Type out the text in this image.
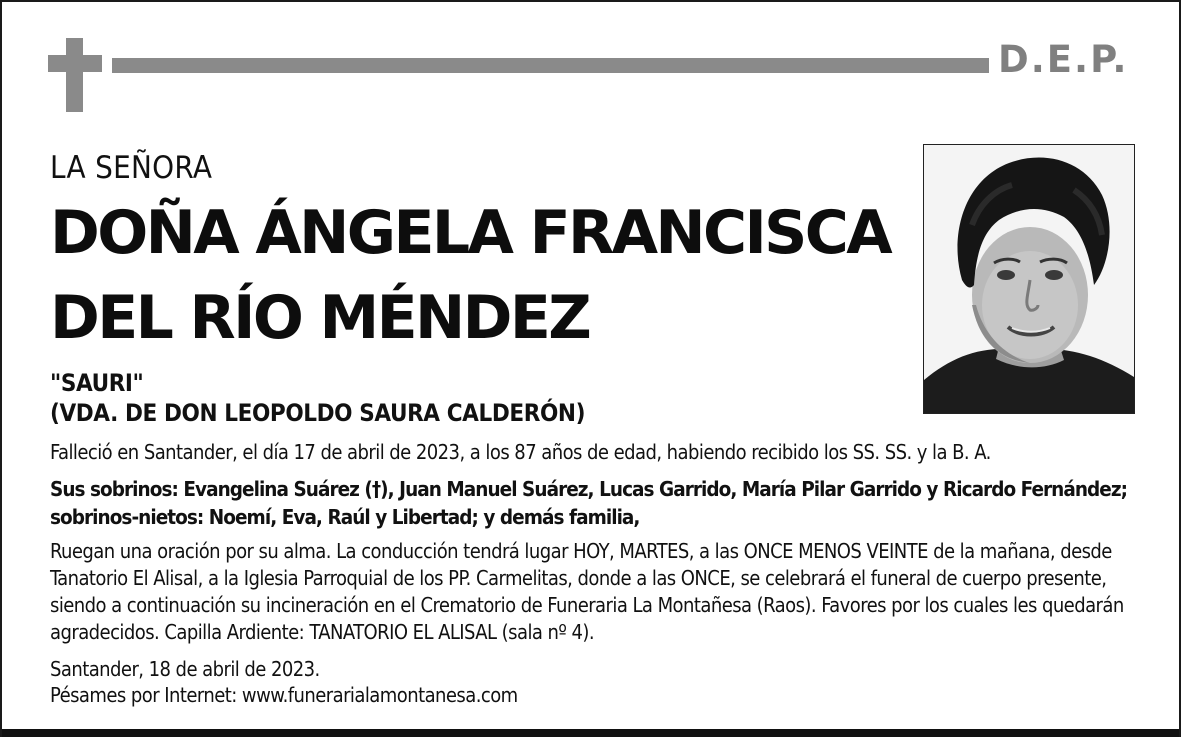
D.E.P.
LA SEÑORA
DOÑA ÁNGELA FRANCISCA
DEL RÍO MÉNDEZ
"SAURI"
(VDA. DE DON LEOPOLDO SAURA CALDERÓN)
Falleció en Santander, el día 17 de abril de 2023, a los 87 años de edad, habiendo recibido los SS. SS. y la B. A.
Sus sobrinos: Evangelina Suárez (†), Juan Manuel Suárez, Lucas Garrido, María Pilar Garrido y Ricardo Fernández; sobrinos-nietos: Noemí, Eva, Raúl y Libertad; y demás familia,
Ruegan una oración por su alma. La conducción tendrá lugar HOY, MARTES, a las ONCE MENOS VEINTE de la mañana, desde Tanatorio El Alisal, a la Iglesia Parroquial de los PP. Carmelitas, donde a las ONCE, se celebrará el funeral de cuerpo presente, siendo a continuación su incineración en el Crematorio de Funeraria La Montañesa (Raos). Favores por los cuales les quedarán agradecidos. Capilla Ardiente: TANATORIO EL ALISAL (sala nº 4).
Santander, 18 de abril de 2023.
Pésames por Internet: www.funerarialamontanesa.com
